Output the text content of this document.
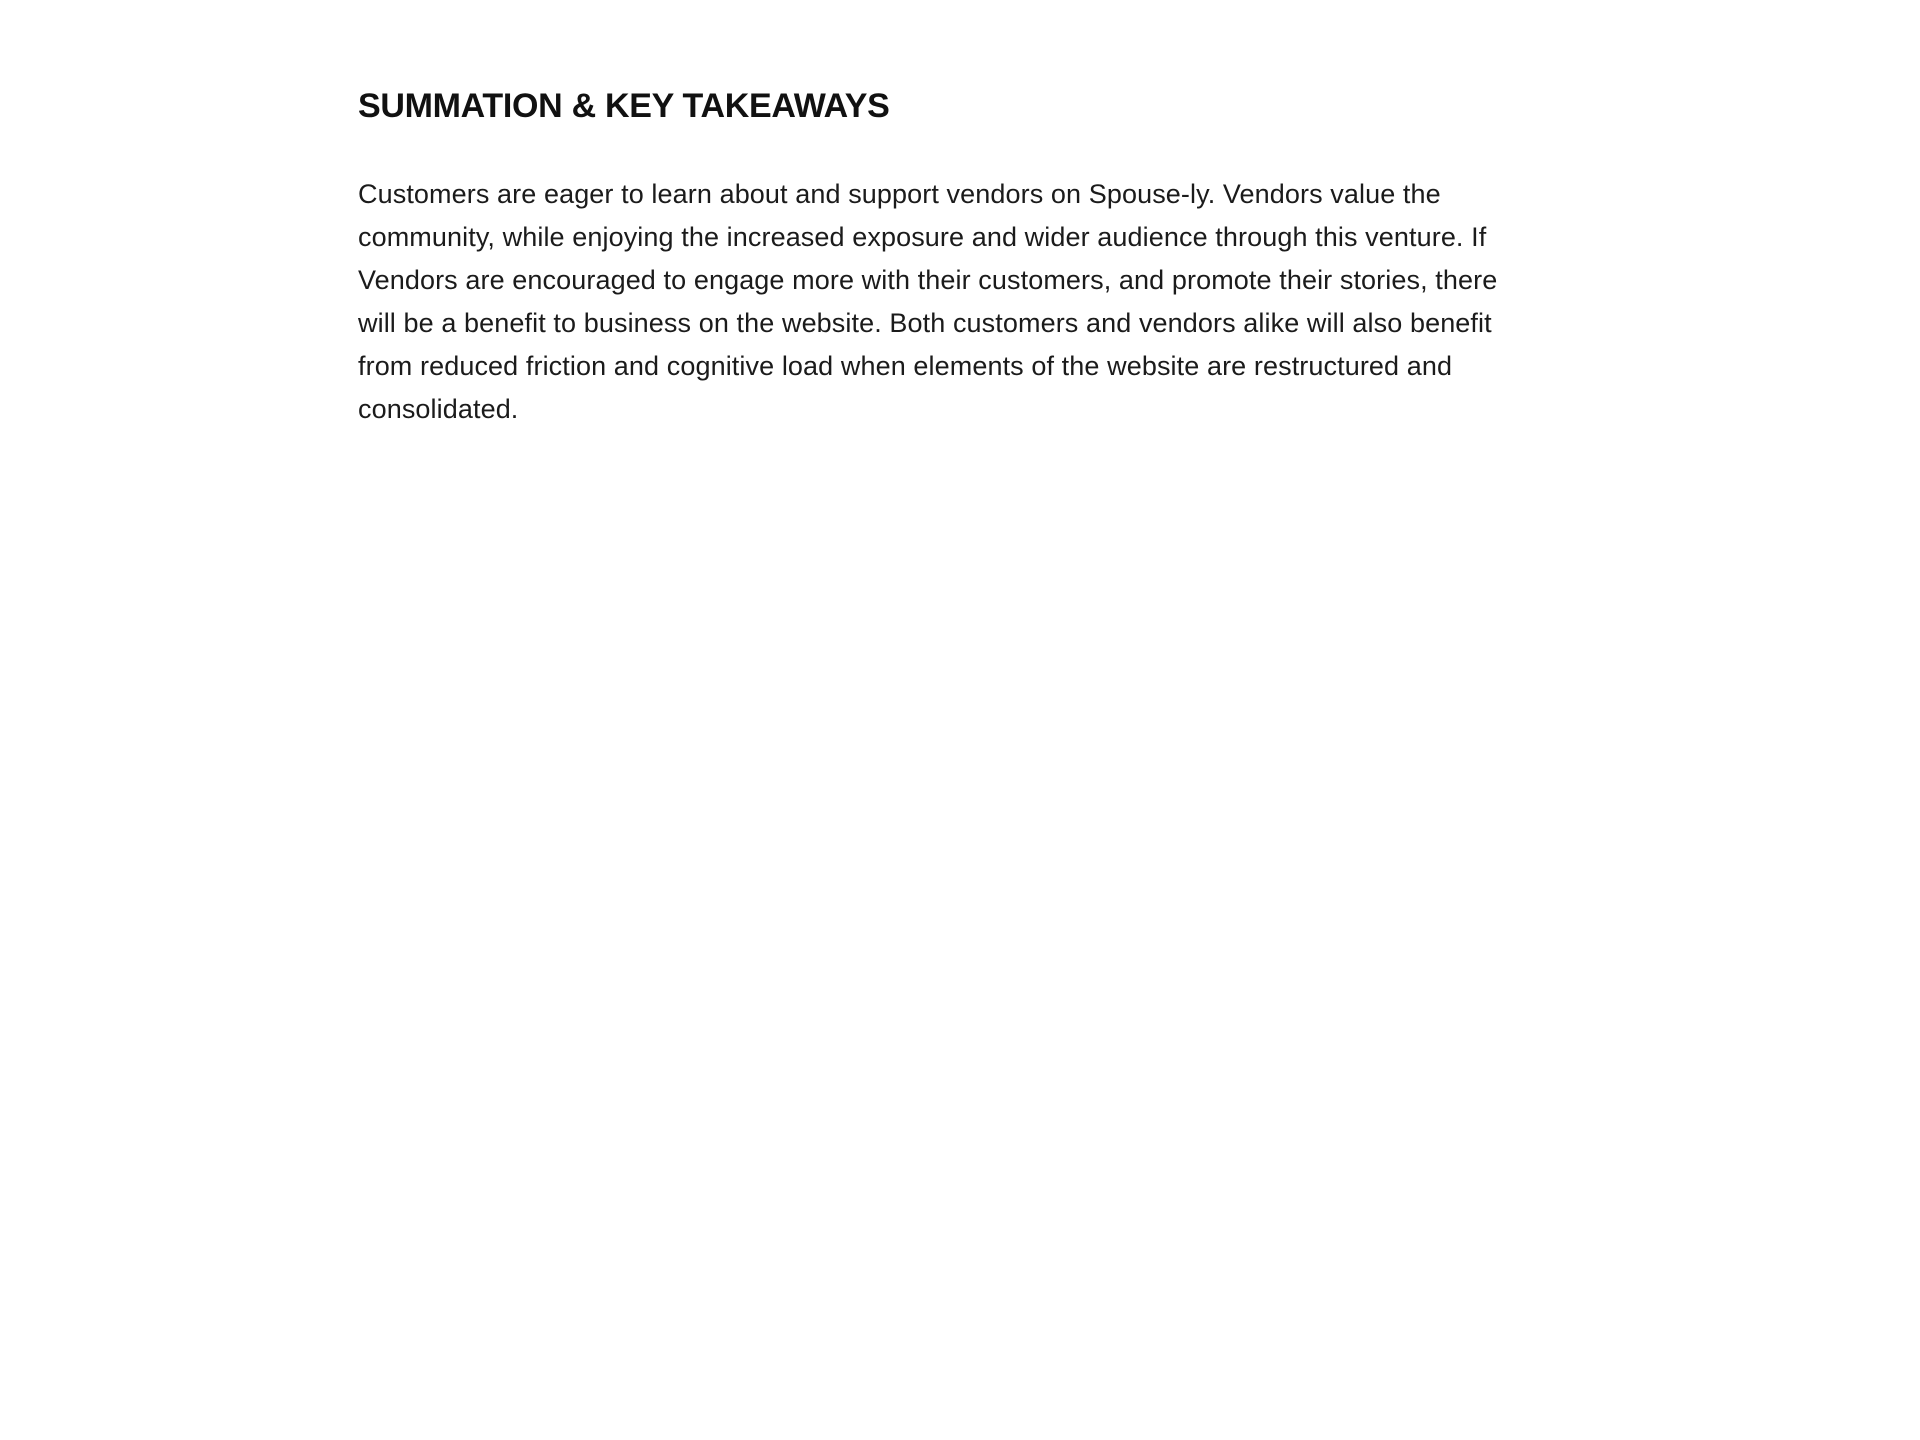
SUMMATION & KEY TAKEAWAYS
Customers are eager to learn about and support vendors on Spouse-ly. Vendors value the
community, while enjoying the increased exposure and wider audience through this venture. If
Vendors are encouraged to engage more with their customers, and promote their stories, there
will be a benefit to business on the website. Both customers and vendors alike will also benefit
from reduced friction and cognitive load when elements of the website are restructured and
consolidated.
